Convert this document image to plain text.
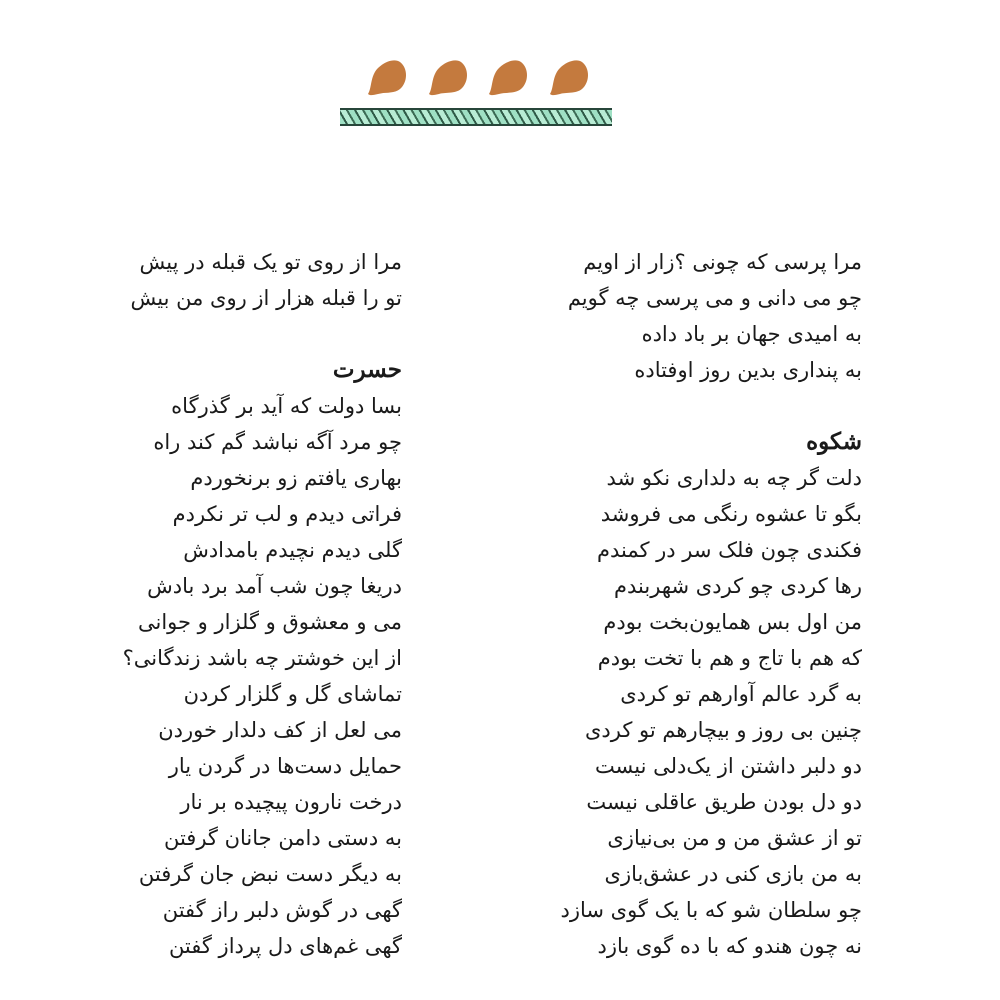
مرا پرسی که چونی ؟زار از اویم
چو می دانی و می پرسی چه گویم
به امیدی جهان بر باد داده
به پنداری بدین روز اوفتاده
شکوه
دلت گر چه به دلداری نکو شد
بگو تا عشوه رنگی می فروشد
فکندی چون فلک سر در کمندم
رها کردی چو کردی شهربندم
من اول بس همایون‌بخت بودم
که هم با تاج و هم با تخت بودم
به گرد عالم آوارهم تو کردی
چنین بی روز و بیچارهم تو کردی
دو دلبر داشتن از یک‌دلی نیست
دو دل بودن طریق عاقلی نیست
تو از عشق من و من بی‌نیازی
به من بازی کنی در عشق‌بازی
چو سلطان شو که با یک گوی سازد
نه چون هندو که با ده گوی بازد
مرا از روی تو یک قبله در پیش
تو را قبله هزار از روی من بیش
حسرت
بسا دولت که آید بر گذرگاه
چو مرد آگه نباشد گم کند راه
بهاری یافتم زو برنخوردم
فراتی دیدم و لب تر نکردم
گلی دیدم نچیدم بامدادش
دریغا چون شب آمد برد بادش
می و معشوق و گلزار و جوانی
از این خوشتر چه باشد زندگانی؟
تماشای گل و گلزار کردن
می لعل از کف دلدار خوردن
حمایل دست‌ها در گردن یار
درخت نارون پیچیده بر نار
به دستی دامن جانان گرفتن
به دیگر دست نبض جان گرفتن
گهی در گوش دلبر راز گفتن
گهی غم‌های دل پرداز گفتن
